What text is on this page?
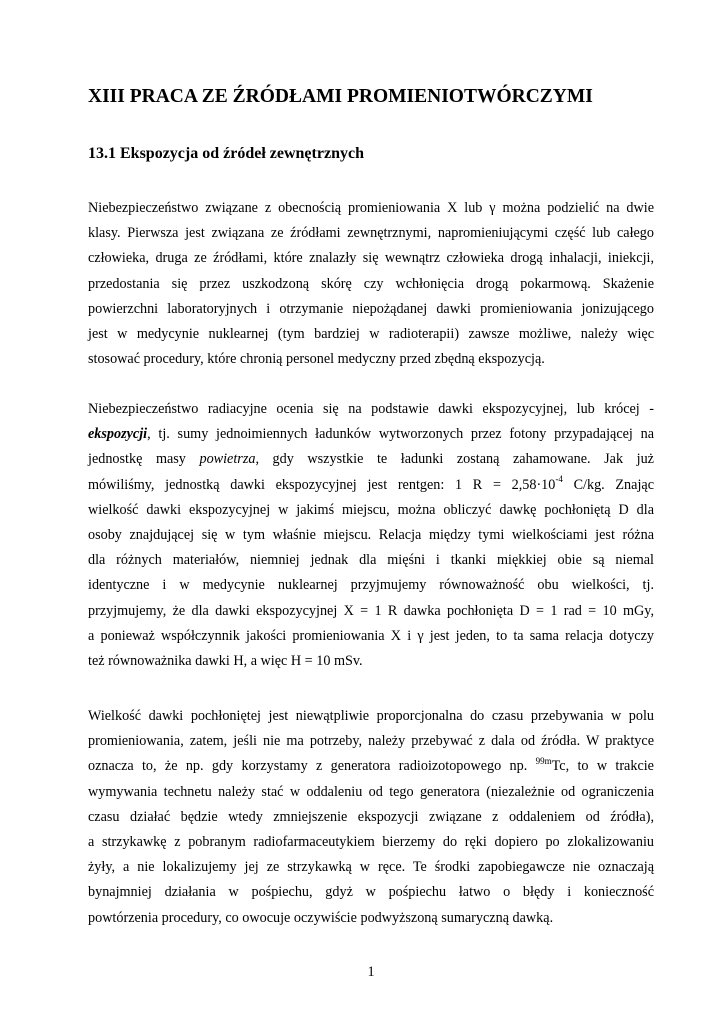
XIII PRACA ZE ŹRÓDŁAMI PROMIENIOTWÓRCZYMI
13.1 Ekspozycja od źródeł zewnętrznych
Niebezpieczeństwo związane z obecnością promieniowania X lub γ można podzielić na dwie
klasy. Pierwsza jest związana ze źródłami zewnętrznymi, napromieniującymi część lub całego
człowieka, druga ze źródłami, które znalazły się wewnątrz człowieka drogą inhalacji, iniekcji,
przedostania się przez uszkodzoną skórę czy wchłonięcia drogą pokarmową. Skażenie
powierzchni laboratoryjnych i otrzymanie niepożądanej dawki promieniowania jonizującego
jest w medycynie nuklearnej (tym bardziej w radioterapii) zawsze możliwe, należy więc
stosować procedury, które chronią personel medyczny przed zbędną ekspozycją.
Niebezpieczeństwo radiacyjne ocenia się na podstawie dawki ekspozycyjnej, lub krócej -
ekspozycji, tj. sumy jednoimiennych ładunków wytworzonych przez fotony przypadającej na
jednostkę masy powietrza, gdy wszystkie te ładunki zostaną zahamowane. Jak już
mówiliśmy, jednostką dawki ekspozycyjnej jest rentgen: 1 $R = 2,58\cdot 10^{-4}$ C/kg. Znając
wielkość dawki ekspozycyjnej w jakimś miejscu, można obliczyć dawkę pochłoniętą D dla
osoby znajdującej się w tym właśnie miejscu. Relacja między tymi wielkościami jest różna
dla różnych materiałów, niemniej jednak dla mięśni i tkanki miękkiej obie są niemal
identyczne i w medycynie nuklearnej przyjmujemy równoważność obu wielkości, tj.
przyjmujemy, że dla dawki ekspozycyjnej X = 1 R dawka pochłonięta D = 1 rad = 10 mGy,
a ponieważ współczynnik jakości promieniowania X i γ jest jeden, to ta sama relacja dotyczy
też równoważnika dawki H, a więc H = 10 mSv.
Wielkość dawki pochłoniętej jest niewątpliwie proporcjonalna do czasu przebywania w polu
promieniowania, zatem, jeśli nie ma potrzeby, należy przebywać z dala od źródła. W praktyce
oznacza to, że np. gdy korzystamy z generatora radioizotopowego np. $^{99m}$Tc, to w trakcie
wymywania technetu należy stać w oddaleniu od tego generatora (niezależnie od ograniczenia
czasu działać będzie wtedy zmniejszenie ekspozycji związane z oddaleniem od źródła),
a strzykawkę z pobranym radiofarmaceutykiem bierzemy do ręki dopiero po zlokalizowaniu
żyły, a nie lokalizujemy jej ze strzykawką w ręce. Te środki zapobiegawcze nie oznaczają
bynajmniej działania w pośpiechu, gdyż w pośpiechu łatwo o błędy i konieczność
powtórzenia procedury, co owocuje oczywiście podwyższoną sumaryczną dawką.
1
